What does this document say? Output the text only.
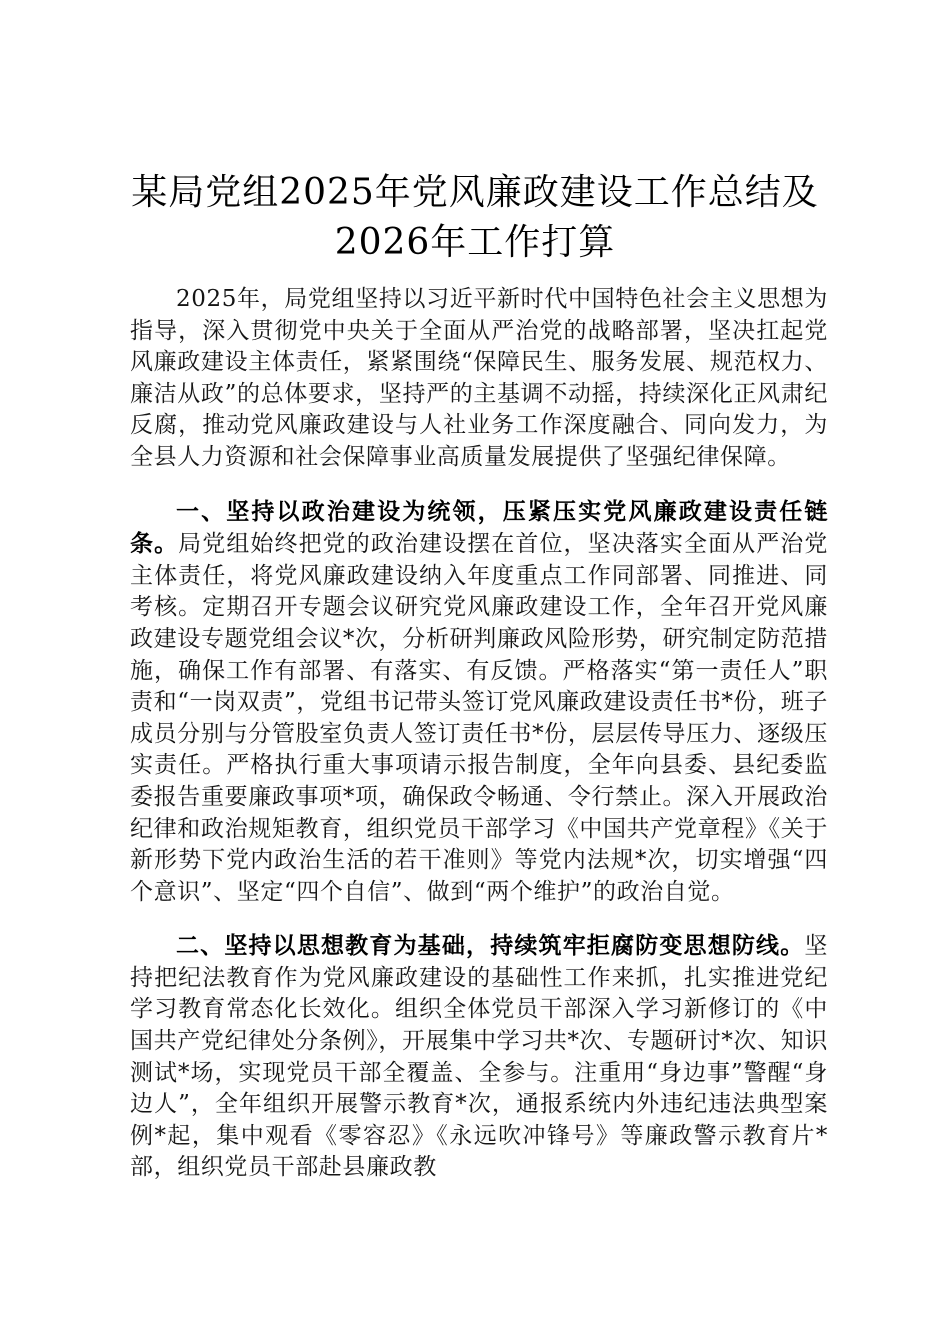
某局党组2025年党风廉政建设工作总结及
2026年工作打算

2025年，局党组坚持以习近平新时代中国特色社会主义思想为指导，深入贯彻党中央关于全面从严治党的战略部署，坚决扛起党风廉政建设主体责任，紧紧围绕“保障民生、服务发展、规范权力、廉洁从政”的总体要求，坚持严的主基调不动摇，持续深化正风肃纪反腐，推动党风廉政建设与人社业务工作深度融合、同向发力，为全县人力资源和社会保障事业高质量发展提供了坚强纪律保障。

一、坚持以政治建设为统领，压紧压实党风廉政建设责任链条。局党组始终把党的政治建设摆在首位，坚决落实全面从严治党主体责任，将党风廉政建设纳入年度重点工作同部署、同推进、同考核。定期召开专题会议研究党风廉政建设工作，全年召开党风廉政建设专题党组会议*次，分析研判廉政风险形势，研究制定防范措施，确保工作有部署、有落实、有反馈。严格落实“第一责任人”职责和“一岗双责”，党组书记带头签订党风廉政建设责任书*份，班子成员分别与分管股室负责人签订责任书*份，层层传导压力、逐级压实责任。严格执行重大事项请示报告制度，全年向县委、县纪委监委报告重要廉政事项*项，确保政令畅通、令行禁止。深入开展政治纪律和政治规矩教育，组织党员干部学习《中国共产党章程》《关于新形势下党内政治生活的若干准则》等党内法规*次，切实增强“四个意识”、坚定“四个自信”、做到“两个维护”的政治自觉。

二、坚持以思想教育为基础，持续筑牢拒腐防变思想防线。坚持把纪法教育作为党风廉政建设的基础性工作来抓，扎实推进党纪学习教育常态化长效化。组织全体党员干部深入学习新修订的《中国共产党纪律处分条例》，开展集中学习共*次、专题研讨*次、知识测试*场，实现党员干部全覆盖、全参与。注重用“身边事”警醒“身边人”，全年组织开展警示教育*次，通报系统内外违纪违法典型案例*起，集中观看《零容忍》《永远吹冲锋号》等廉政警示教育片*部，组织党员干部赴县廉政教
